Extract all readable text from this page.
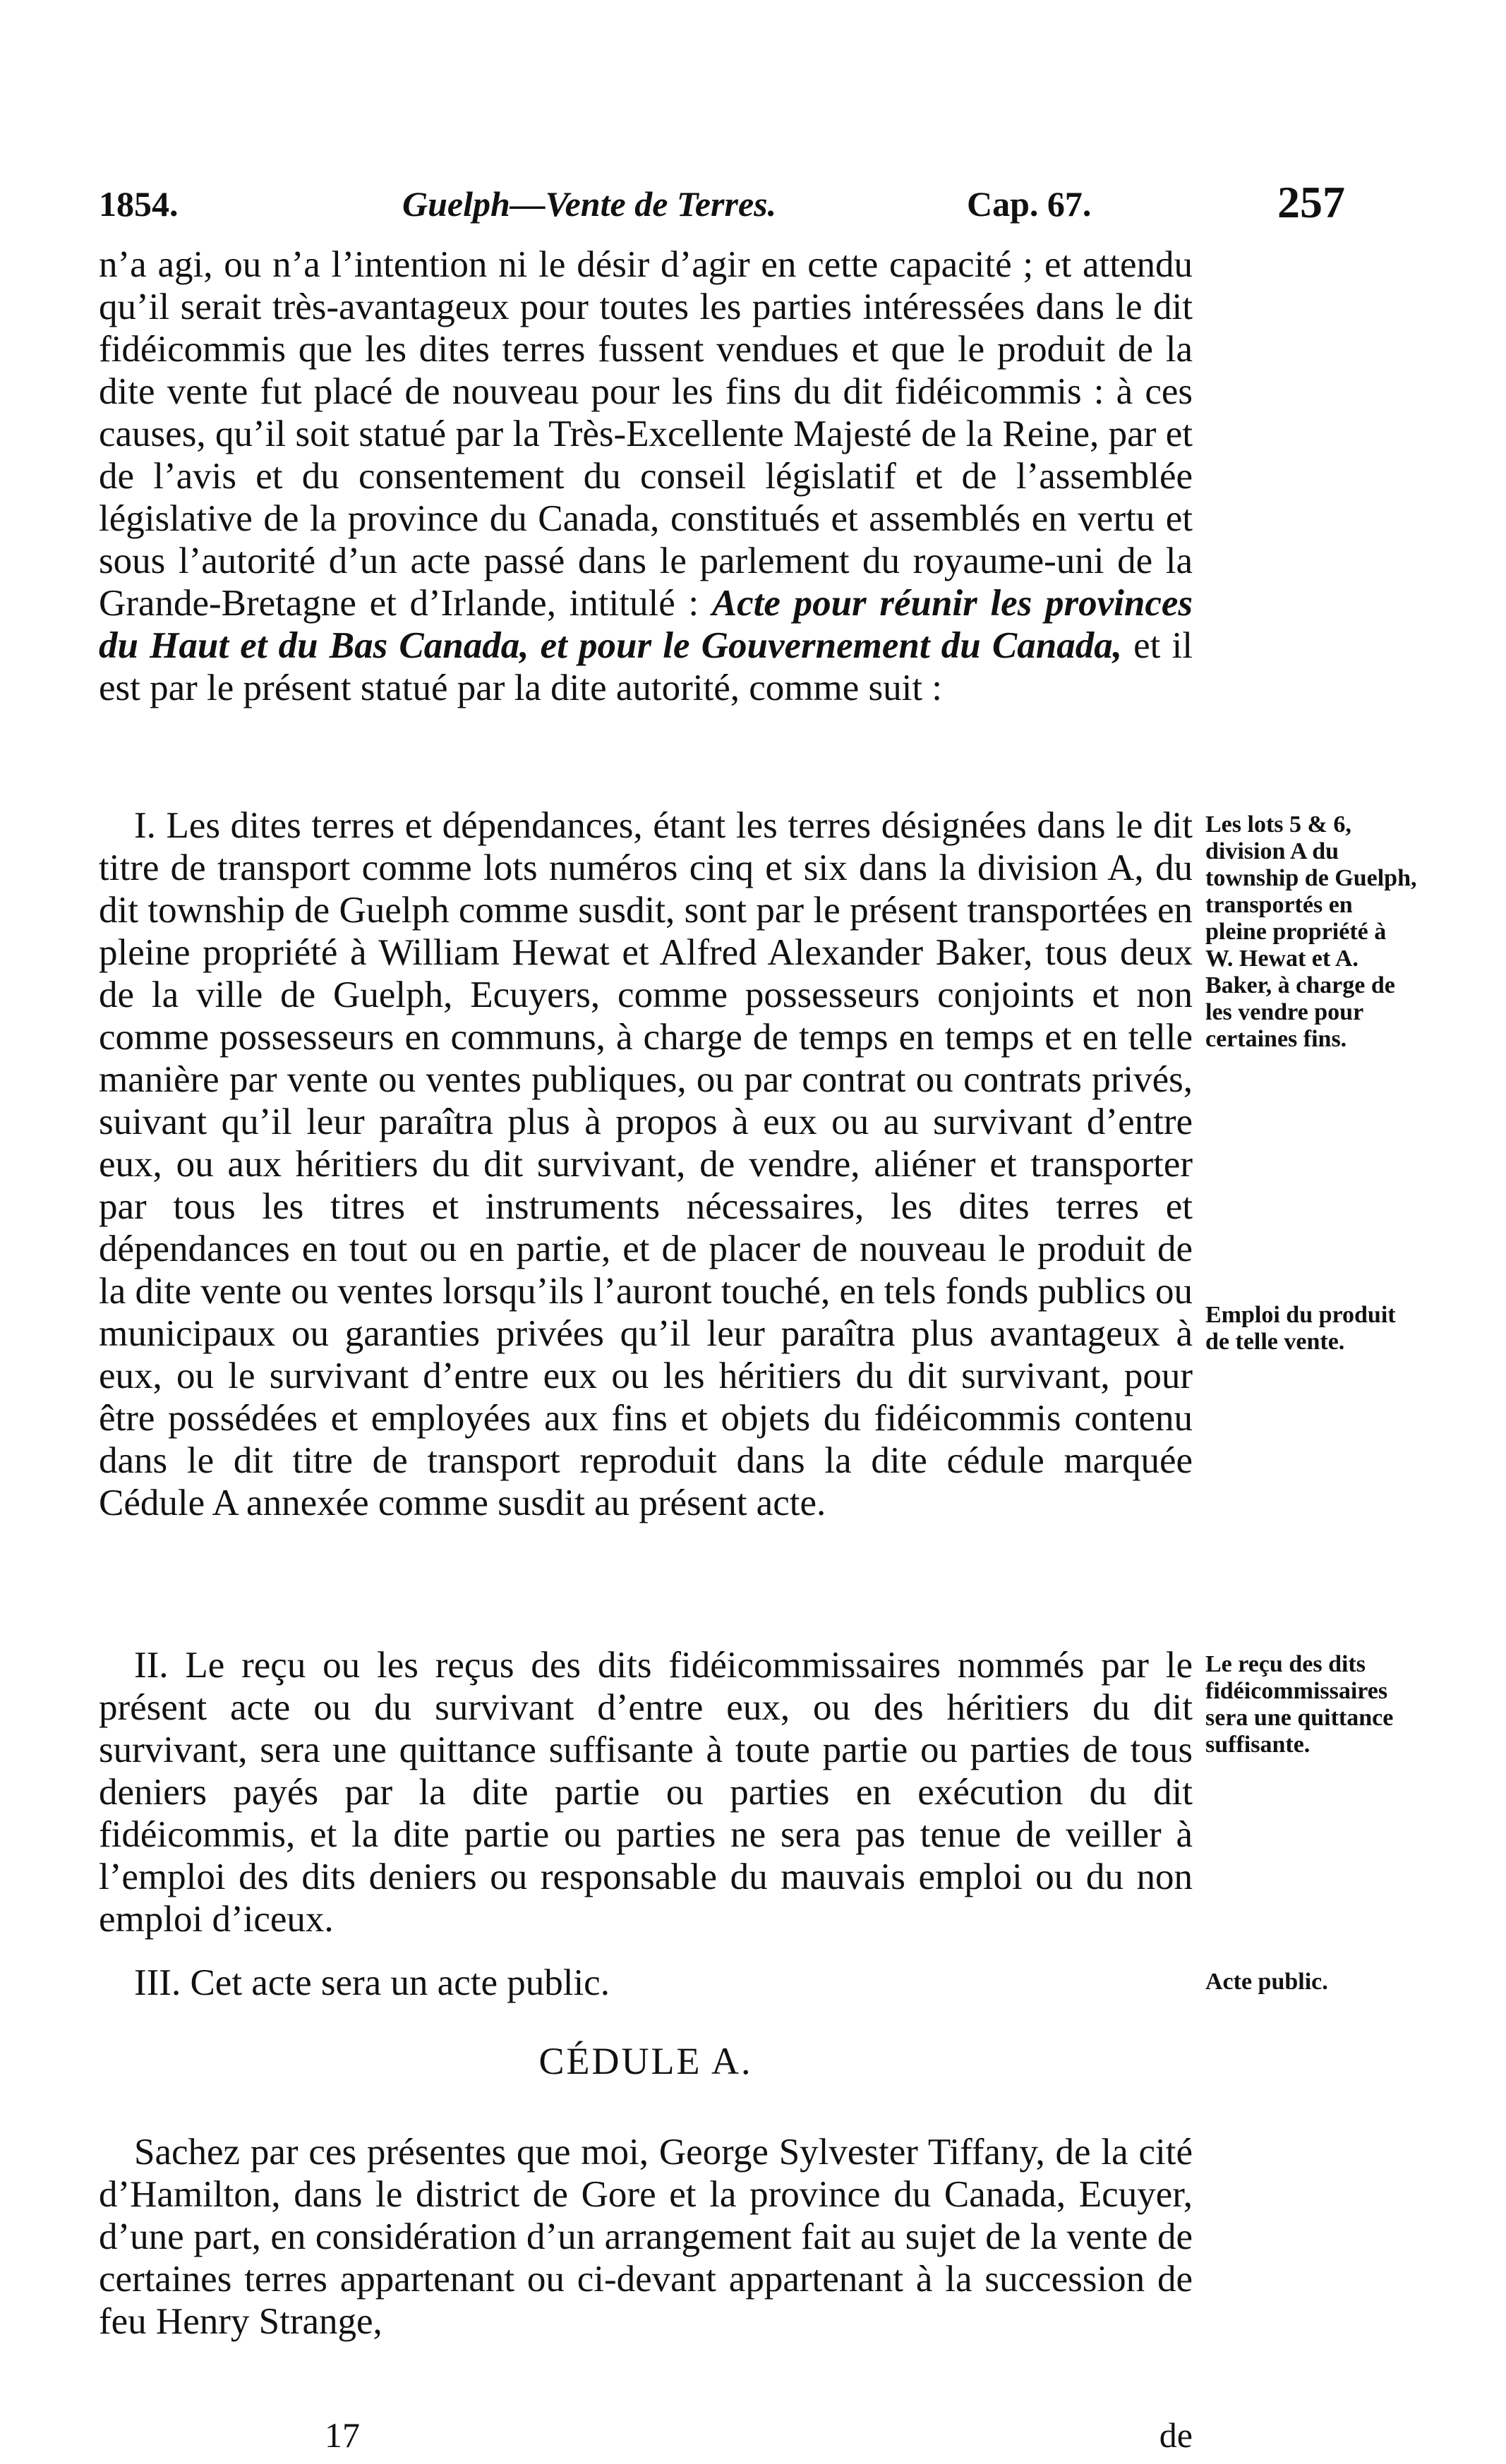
1854.	Guelph—Vente de Terres.	Cap. 67.	257

n’a agi, ou n’a l’intention ni le désir d’agir en cette capacité ; et attendu qu’il serait très-avantageux pour toutes les parties intéressées dans le dit fidéicommis que les dites terres fussent vendues et que le produit de la dite vente fut placé de nouveau pour les fins du dit fidéicommis : à ces causes, qu’il soit statué par la Très-Excellente Majesté de la Reine, par et de l’avis et du consentement du conseil législatif et de l’assemblée législative de la province du Canada, constitués et assemblés en vertu et sous l’autorité d’un acte passé dans le parlement du royaume-uni de la Grande-Bretagne et d’Irlande, intitulé : Acte pour réunir les provinces du Haut et du Bas Canada, et pour le Gouvernement du Canada, et il est par le présent statué par la dite autorité, comme suit :

I. Les dites terres et dépendances, étant les terres désignées dans le dit titre de transport comme lots numéros cinq et six dans la division A, du dit township de Guelph comme susdit, sont par le présent transportées en pleine propriété à William Hewat et Alfred Alexander Baker, tous deux de la ville de Guelph, Ecuyers, comme possesseurs conjoints et non comme possesseurs en communs, à charge de temps en temps et en telle manière par vente ou ventes publiques, ou par contrat ou contrats privés, suivant qu’il leur paraîtra plus à propos à eux ou au survivant d’entre eux, ou aux héritiers du dit survivant, de vendre, aliéner et transporter par tous les titres et instruments nécessaires, les dites terres et dépendances en tout ou en partie, et de placer de nouveau le produit de la dite vente ou ventes lorsqu’ils l’auront touché, en tels fonds publics ou municipaux ou garanties privées qu’il leur paraîtra plus avantageux à eux, ou le survivant d’entre eux ou les héritiers du dit survivant, pour être possédées et employées aux fins et objets du fidéicommis contenu dans le dit titre de transport reproduit dans la dite cédule marquée Cédule A annexée comme susdit au présent acte.

Les lots 5 & 6, division A du township de Guelph, transportés en pleine propriété à W. Hewat et A. Baker, à charge de les vendre pour certaines fins.
Emploi du produit de telle vente.

II. Le reçu ou les reçus des dits fidéicommissaires nommés par le présent acte ou du survivant d’entre eux, ou des héritiers du dit survivant, sera une quittance suffisante à toute partie ou parties de tous deniers payés par la dite partie ou parties en exécution du dit fidéicommis, et la dite partie ou parties ne sera pas tenue de veiller à l’emploi des dits deniers ou responsable du mauvais emploi ou du non emploi d’iceux.

Le reçu des dits fidéicommissaires sera une quittance suffisante.

III. Cet acte sera un acte public.	Acte public.
CÉDULE A.

Sachez par ces présentes que moi, George Sylvester Tiffany, de la cité d’Hamilton, dans le district de Gore et la province du Canada, Ecuyer, d’une part, en considération d’un arrangement fait au sujet de la vente de certaines terres appartenant ou ci-devant appartenant à la succession de feu Henry Strange,

17	de
